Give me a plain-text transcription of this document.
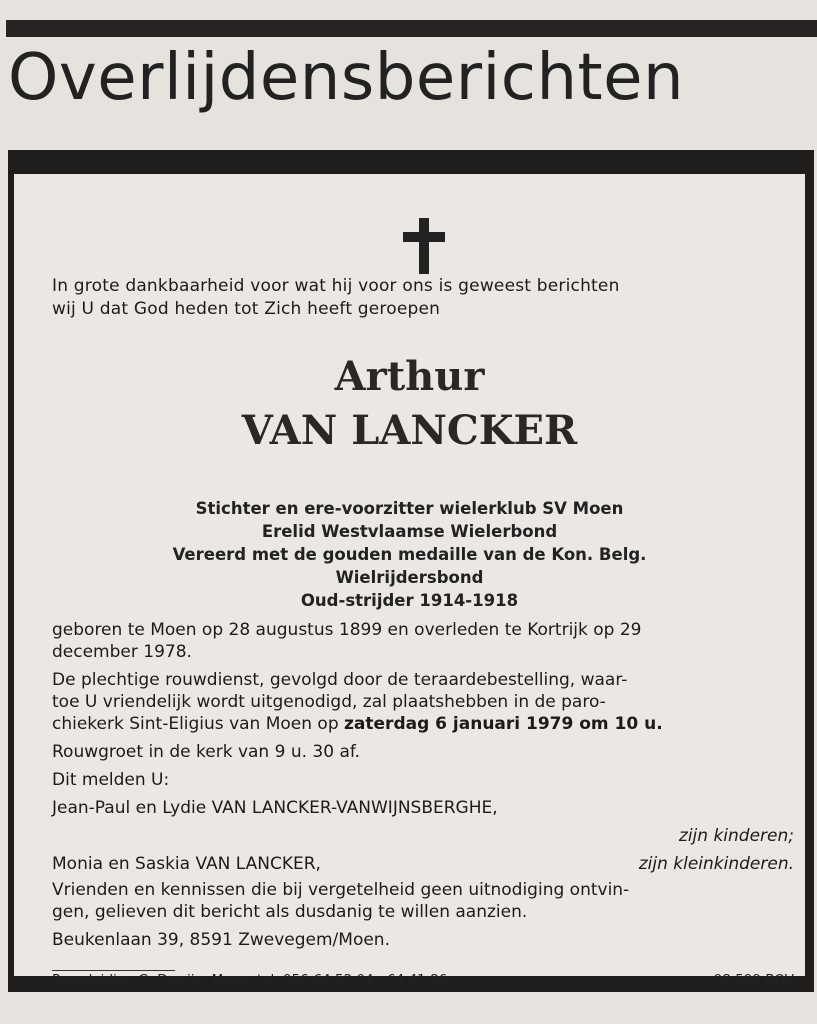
Overlijdensberichten
In grote dankbaarheid voor wat hij voor ons is geweest berichten
wij U dat God heden tot Zich heeft geroepen
Arthur
VAN LANCKER
Stichter en ere-voorzitter wielerklub SV Moen
Erelid Westvlaamse Wielerbond
Vereerd met de gouden medaille van de Kon. Belg.
Wielrijdersbond
Oud-strijder 1914-1918
geboren te Moen op 28 augustus 1899 en overleden te Kortrijk op 29
december 1978.
De plechtige rouwdienst, gevolgd door de teraardebestelling, waar-
toe U vriendelijk wordt uitgenodigd, zal plaatshebben in de paro-
chiekerk Sint-Eligius van Moen op zaterdag 6 januari 1979 om 10 u.
Rouwgroet in de kerk van 9 u. 30 af.
Dit melden U:
Jean-Paul en Lydie VAN LANCKER-VANWIJNSBERGHE,
zijn kinderen;
Monia en Saskia VAN LANCKER,	zijn kleinkinderen.
Vrienden en kennissen die bij vergetelheid geen uitnodiging ontvin-
gen, gelieven dit bericht als dusdanig te willen aanzien.
Beukenlaan 39, 8591 Zwevegem/Moen.
Rouwleiding G. Dewijn, Moen, tel. 056-64.52.04 - 64.41.86.	98.599-BOV
